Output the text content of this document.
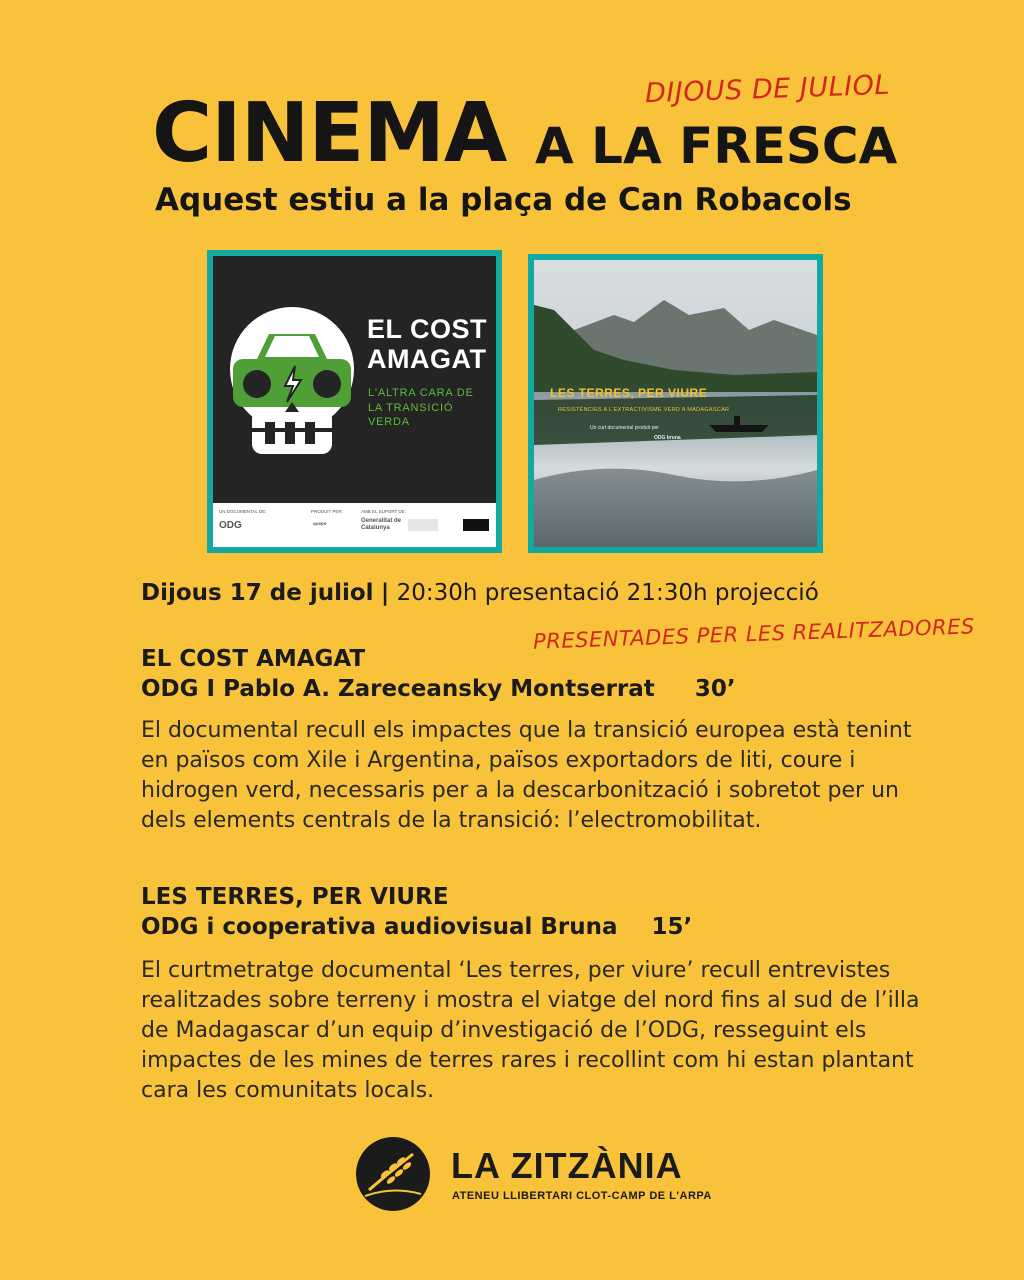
DIJOUS DE JULIOL
CINEMA A LA FRESCA
Aquest estiu a la plaça de Can Robacols
EL COST
AMAGAT
L'ALTRA CARA DE
LA TRANSICIÓ VERDA
UN DOCUMENTAL DE:	PRODUIT PER:	AMB EL SUPORT DE:
ODG	quepo	Generalitat de Catalunya
LES TERRES, PER VIURE
RESISTÈNCIES A L'EXTRACTIVISME VERD A MADAGASCAR
Un curt documental produït per
ODG bruna
Dijous 17 de juliol | 20:30h presentació 21:30h projecció
PRESENTADES PER LES REALITZADORES
EL COST AMAGAT
ODG I Pablo A. Zareceansky Montserrat 30’
El documental recull els impactes que la transició europea està tenint en països com Xile i Argentina, països exportadors de liti, coure i hidrogen verd, necessaris per a la descarbonització i sobretot per un dels elements centrals de la transició: l’electromobilitat.
LES TERRES, PER VIURE
ODG i cooperativa audiovisual Bruna 15’
El curtmetratge documental ‘Les terres, per viure’ recull entrevistes realitzades sobre terreny i mostra el viatge del nord fins al sud de l’illa de Madagascar d’un equip d’investigació de l’ODG, resseguint els impactes de les mines de terres rares i recollint com hi estan plantant cara les comunitats locals.
LA ZITZÀNIA
ATENEU LLIBERTARI CLOT-CAMP DE L'ARPA
